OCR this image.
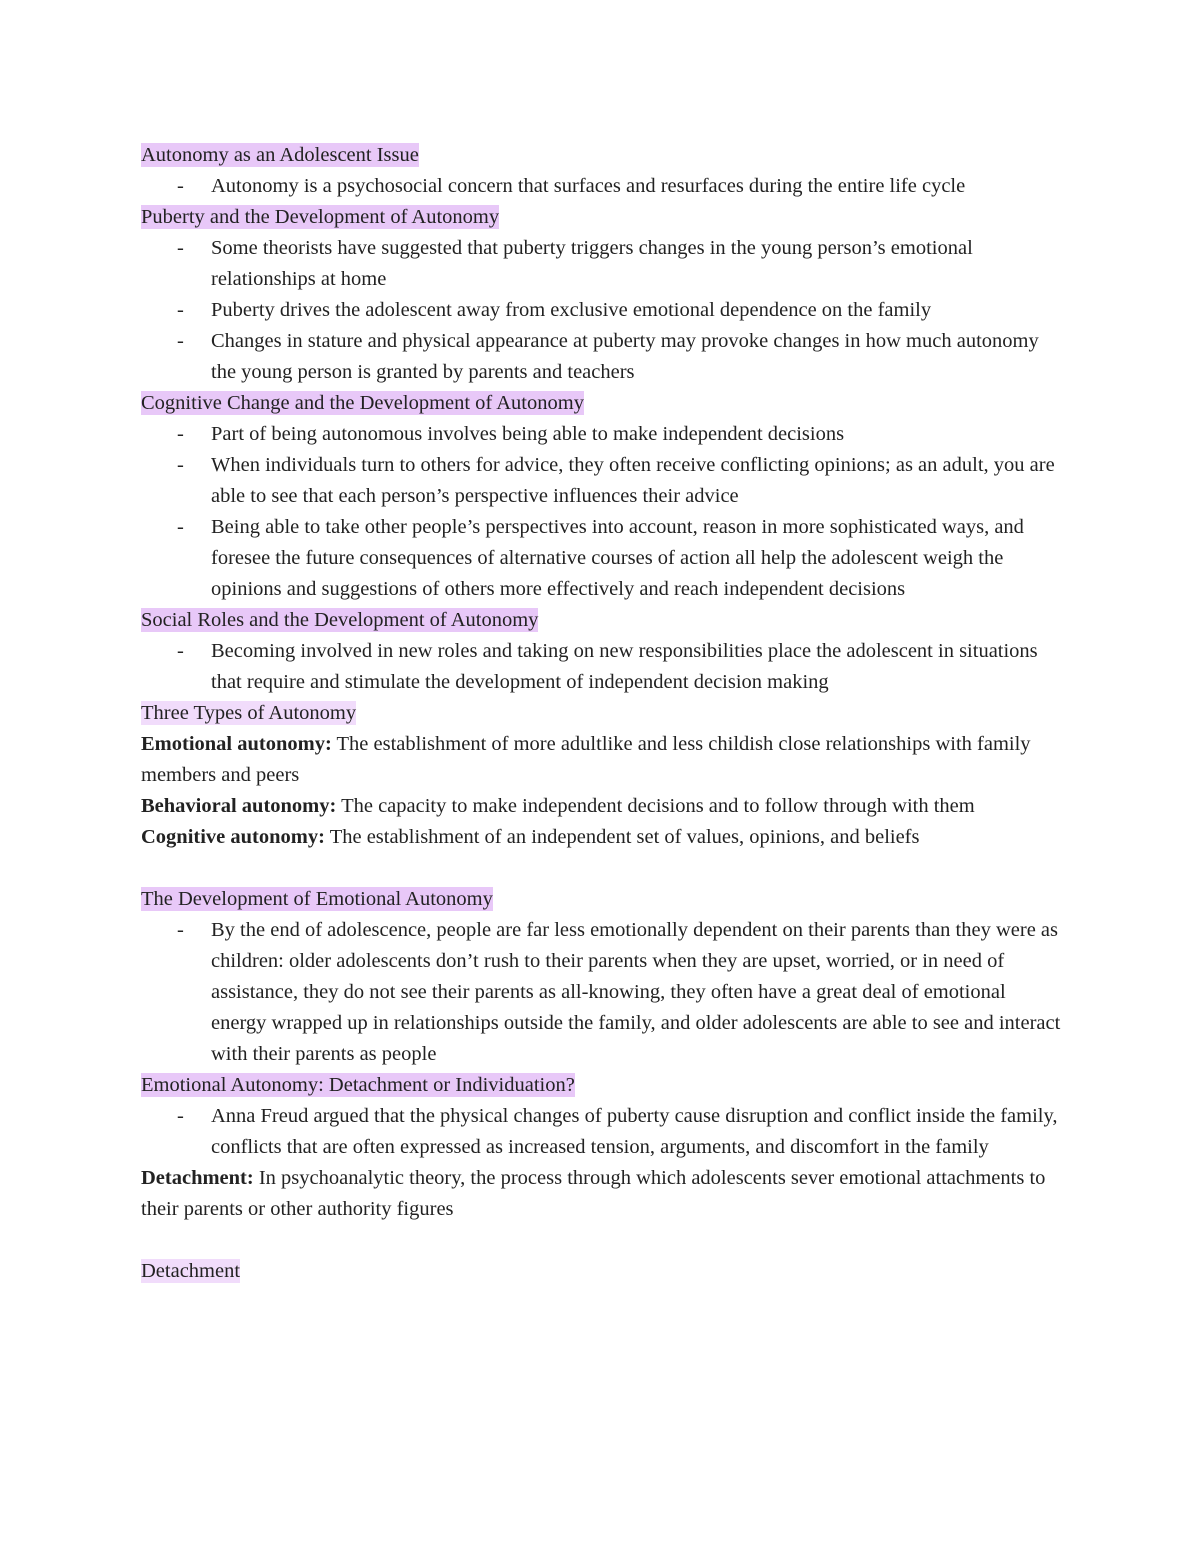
Autonomy as an Adolescent Issue

- Autonomy is a psychosocial concern that surfaces and resurfaces during the entire life cycle

Puberty and the Development of Autonomy

- Some theorists have suggested that puberty triggers changes in the young person’s emotional relationships at home
- Puberty drives the adolescent away from exclusive emotional dependence on the family
- Changes in stature and physical appearance at puberty may provoke changes in how much autonomy the young person is granted by parents and teachers

Cognitive Change and the Development of Autonomy

- Part of being autonomous involves being able to make independent decisions
- When individuals turn to others for advice, they often receive conflicting opinions; as an adult, you are able to see that each person’s perspective influences their advice
- Being able to take other people’s perspectives into account, reason in more sophisticated ways, and foresee the future consequences of alternative courses of action all help the adolescent weigh the opinions and suggestions of others more effectively and reach independent decisions

Social Roles and the Development of Autonomy

- Becoming involved in new roles and taking on new responsibilities place the adolescent in situations that require and stimulate the development of independent decision making

Three Types of Autonomy

Emotional autonomy: The establishment of more adultlike and less childish close relationships with family members and peers

Behavioral autonomy: The capacity to make independent decisions and to follow through with them

Cognitive autonomy: The establishment of an independent set of values, opinions, and beliefs

The Development of Emotional Autonomy

- By the end of adolescence, people are far less emotionally dependent on their parents than they were as children: older adolescents don’t rush to their parents when they are upset, worried, or in need of assistance, they do not see their parents as all-knowing, they often have a great deal of emotional energy wrapped up in relationships outside the family, and older adolescents are able to see and interact with their parents as people

Emotional Autonomy: Detachment or Individuation?

- Anna Freud argued that the physical changes of puberty cause disruption and conflict inside the family, conflicts that are often expressed as increased tension, arguments, and discomfort in the family

Detachment: In psychoanalytic theory, the process through which adolescents sever emotional attachments to their parents or other authority figures

Detachment
